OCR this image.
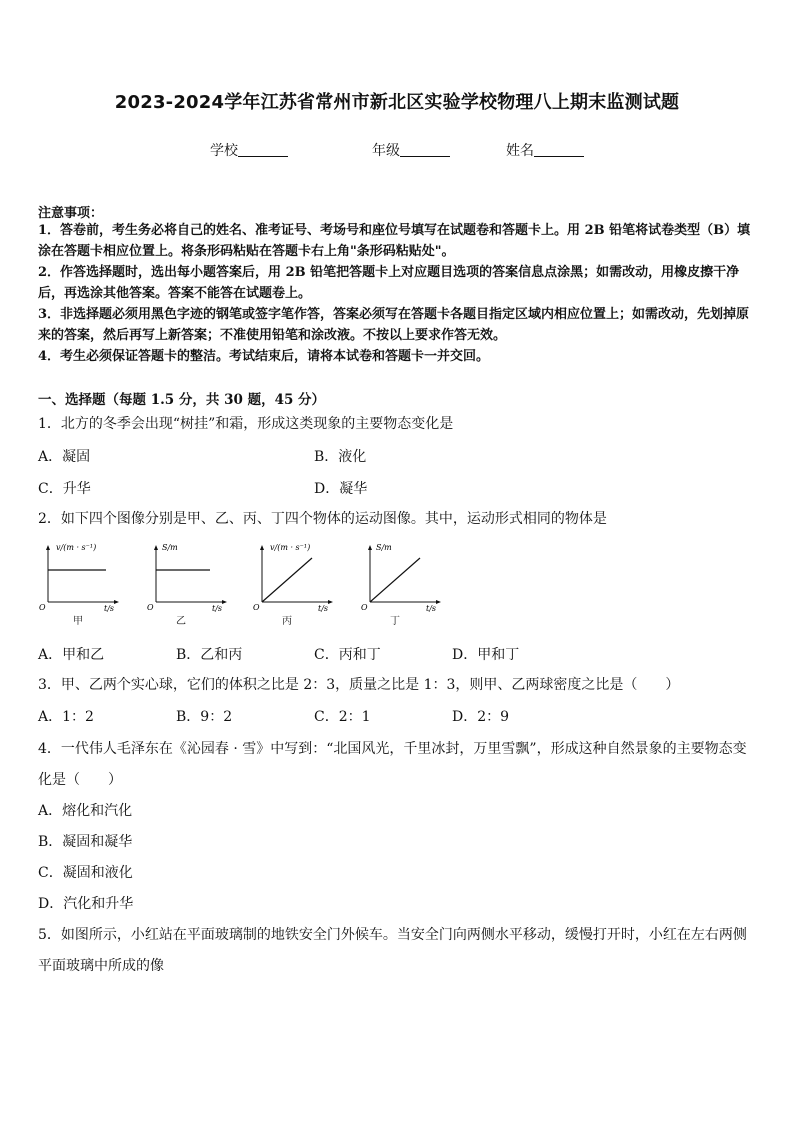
2023-2024学年江苏省常州市新北区实验学校物理八上期末监测试题
学校	年级	姓名
注意事项：
1．答卷前，考生务必将自己的姓名、准考证号、考场号和座位号填写在试题卷和答题卡上。用 2B 铅笔将试卷类型（B）填涂在答题卡相应位置上。将条形码粘贴在答题卡右上角"条形码粘贴处"。
2．作答选择题时，选出每小题答案后，用 2B 铅笔把答题卡上对应题目选项的答案信息点涂黑；如需改动，用橡皮擦干净后，再选涂其他答案。答案不能答在试题卷上。
3．非选择题必须用黑色字迹的钢笔或签字笔作答，答案必须写在答题卡各题目指定区域内相应位置上；如需改动，先划掉原来的答案，然后再写上新答案；不准使用铅笔和涂改液。不按以上要求作答无效。
4．考生必须保证答题卡的整洁。考试结束后，请将本试卷和答题卡一并交回。
一、选择题（每题 1.5 分，共 30 题，45 分）
1．北方的冬季会出现“树挂”和霜，形成这类现象的主要物态变化是
A．凝固	B．液化
C．升华	D．凝华
2．如下四个图像分别是甲、乙、丙、丁四个物体的运动图像。其中，运动形式相同的物体是
v/(m · s⁻¹)
t/s
O
S/m
t/s
O
v/(m · s⁻¹)
t/s
O
S/m
t/s
O
甲	乙	丙	丁
A．甲和乙	B．乙和丙	C．丙和丁	D．甲和丁
3．甲、乙两个实心球，它们的体积之比是 2：3，质量之比是 1：3，则甲、乙两球密度之比是（　　）
A．1：2	B．9：2	C．2：1	D．2：9
4．一代伟人毛泽东在《沁园春 · 雪》中写到：“北国风光，千里冰封，万里雪飘”，形成这种自然景象的主要物态变化是（　　）
A．熔化和汽化
B．凝固和凝华
C．凝固和液化
D．汽化和升华
5．如图所示，小红站在平面玻璃制的地铁安全门外候车。当安全门向两侧水平移动，缓慢打开时，小红在左右两侧平面玻璃中所成的像
